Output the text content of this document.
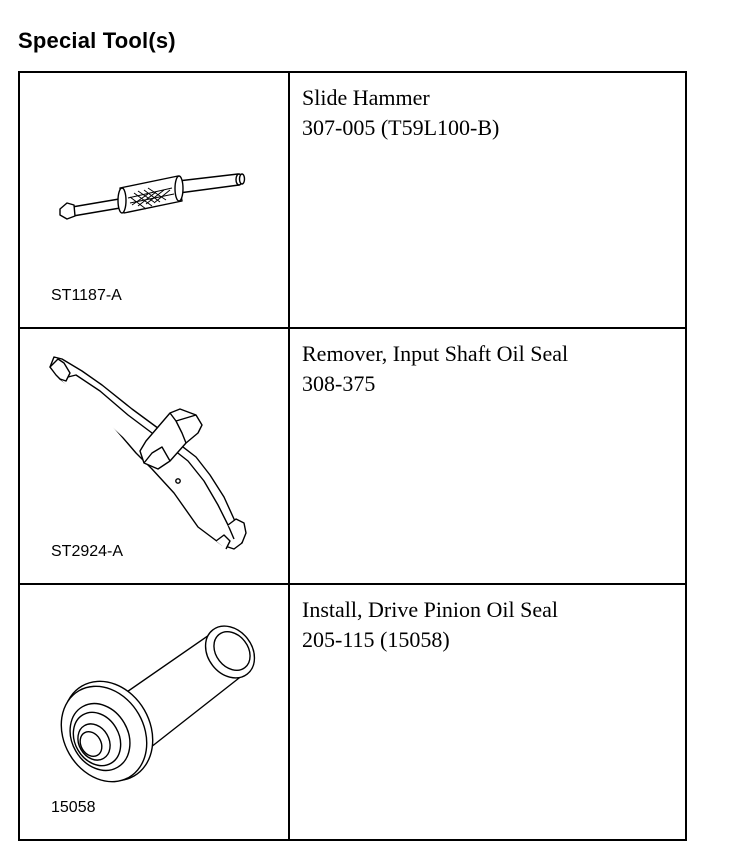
Special Tool(s)
ST1187-A	Slide Hammer
307-005 (T59L100-B)

ST2924-A	Remover, Input Shaft Oil Seal
308-375

15058	Install, Drive Pinion Oil Seal
205-115 (15058)
